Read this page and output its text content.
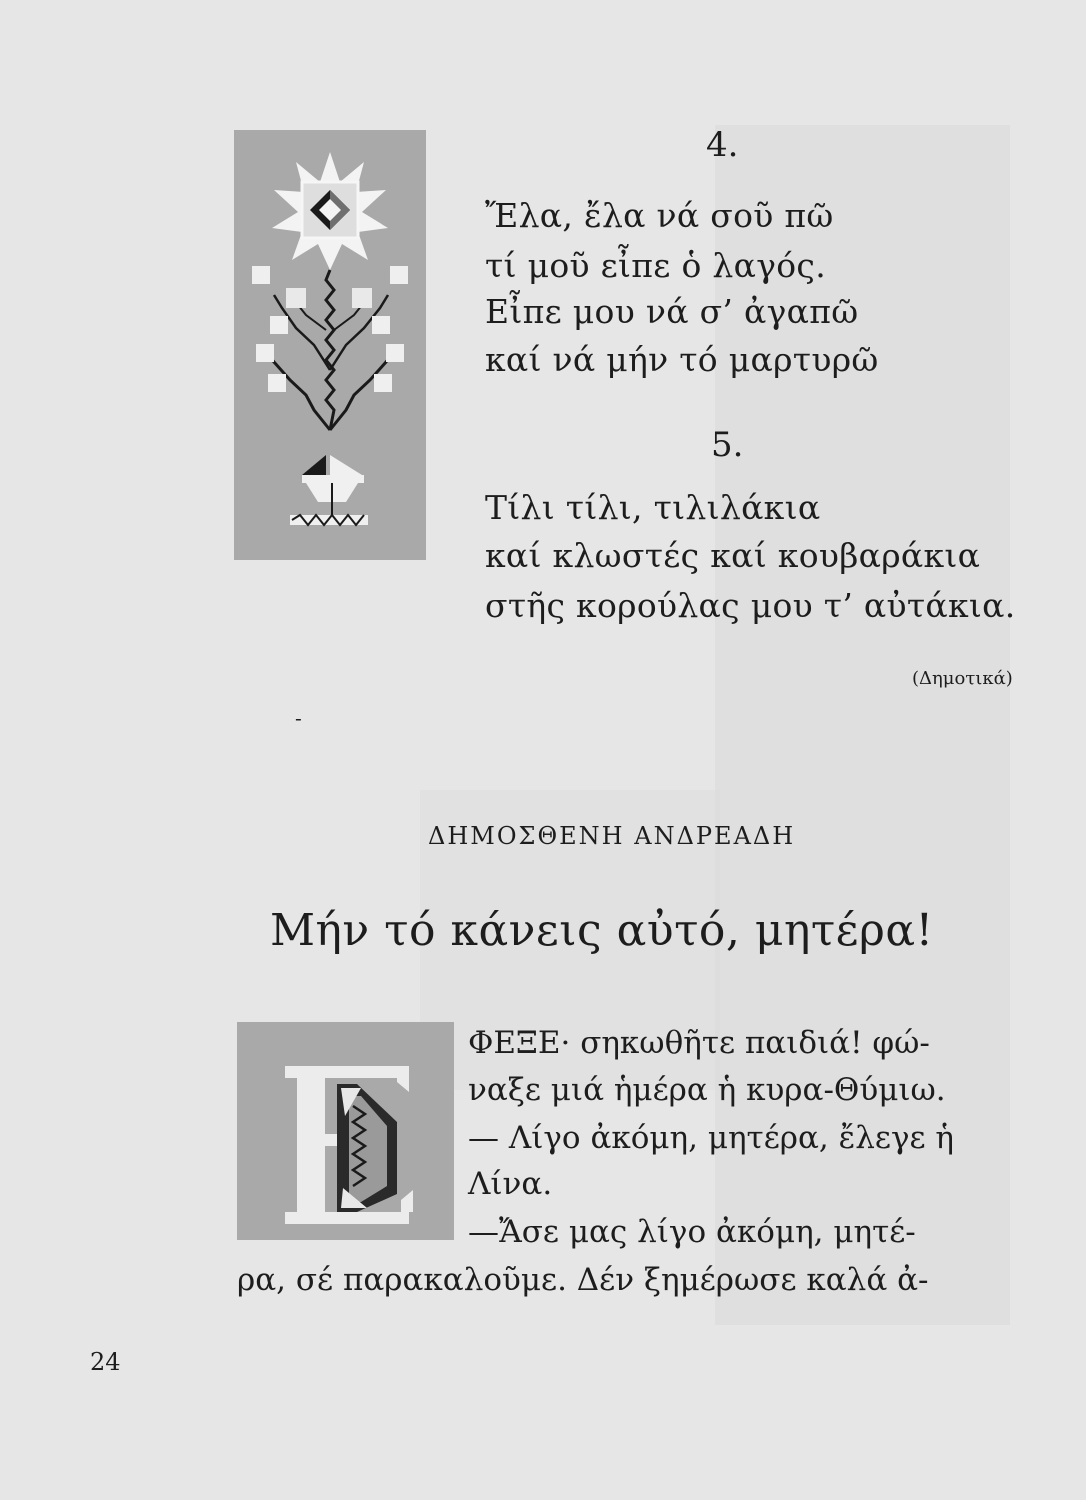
4.
Ἔλα, ἔλα νά σοῦ πῶ
τί μοῦ εἶπε ὁ λαγός.
Εἶπε μου νά σ’ ἀγαπῶ
καί νά μήν τό μαρτυρῶ
5.
Τίλι τίλι, τιλιλάκια
καί κλωστές καί κουβαράκια
στῆς κορούλας μου τ’ αὐτάκια.
(Δημοτικά)
-
ΔΗΜΟΣΘΕΝΗ ΑΝΔΡΕΑΔΗ
Μήν τό κάνεις αὐτό, μητέρα!
Ε
ΦΕΞΕ· σηκωθῆτε παιδιά! φώ-
ναξε μιά ἡμέρα ἡ κυρα-Θύμιω.
— Λίγο ἀκόμη, μητέρα, ἔλεγε ἡ
Λίνα.
—Ἄσε μας λίγο ἀκόμη, μητέ-
ρα, σέ παρακαλοῦμε. Δέν ξημέρωσε καλά ἀ-
24
